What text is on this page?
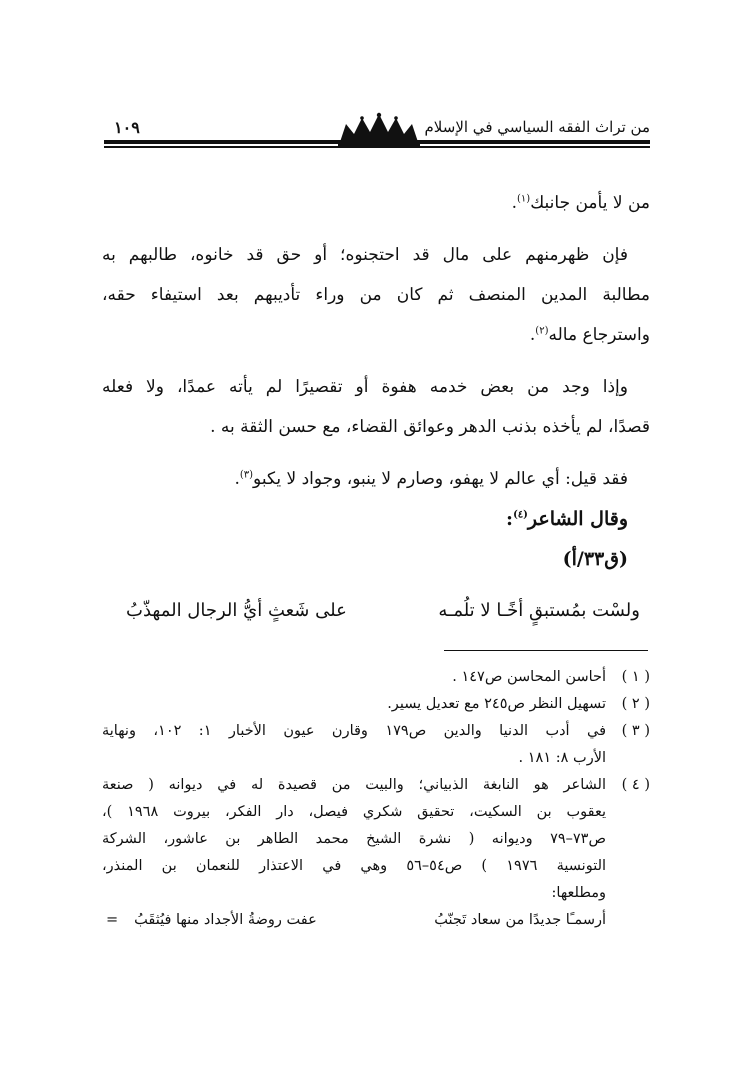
من تراث الفقه السياسي في الإسلام
١٠٩
من لا يأمن جانبك$^{(١)}$.
فإن ظهرمنهم على مال قد احتجنوه؛ أو حق قد خانوه، طالبهم به
مطالبة المدين المنصف ثم كان من وراء تأديبهم بعد استيفاء حقه،
واسترجاع ماله$^{(٢)}$.
وإذا وجد من بعض خدمه هفوة أو تقصيرًا لم يأته عمدًا، ولا فعله
قصدًا، لم يأخذه بذنب الدهر وعوائق القضاء، مع حسن الثقة به .
فقد قيل: أي عالم لا يهفو، وصارم لا ينبو، وجواد لا يكبو$^{(٣)}$.
وقال الشاعر$^{(٤)}$:
(ق٣٣/أ)
ولسْت بمُستبقٍ أخًـا لا تلُمـه
على شَعثٍ أيُّ الرجال المهذّبُ
( ١ )
أحاسن المحاسن ص١٤٧ .
( ٢ )
تسهيل النظر ص٢٤٥ مع تعديل يسير.
( ٣ )
في أدب الدنيا والدين ص١٧٩ وقارن عيون الأخبار ١: ١٠٢، ونهاية
الأرب ٨: ١٨١ .
( ٤ )
الشاعر هو النابغة الذبياني؛ والبيت من قصيدة له في ديوانه ( صنعة
يعقوب بن السكيت، تحقيق شكري فيصل، دار الفكر، بيروت ١٩٦٨ )،
ص٧٣–٧٩ وديوانه ( نشرة الشيخ محمد الطاهر بن عاشور، الشركة
التونسية ١٩٧٦ ) ص٥٤–٥٦ وهي في الاعتذار للنعمان بن المنذر،
ومطلعها:
أرسمـًا جديدًا من سعاد تَجنّبُ
عفت روضةُ الأجداد منها فيُثقَبُ=
